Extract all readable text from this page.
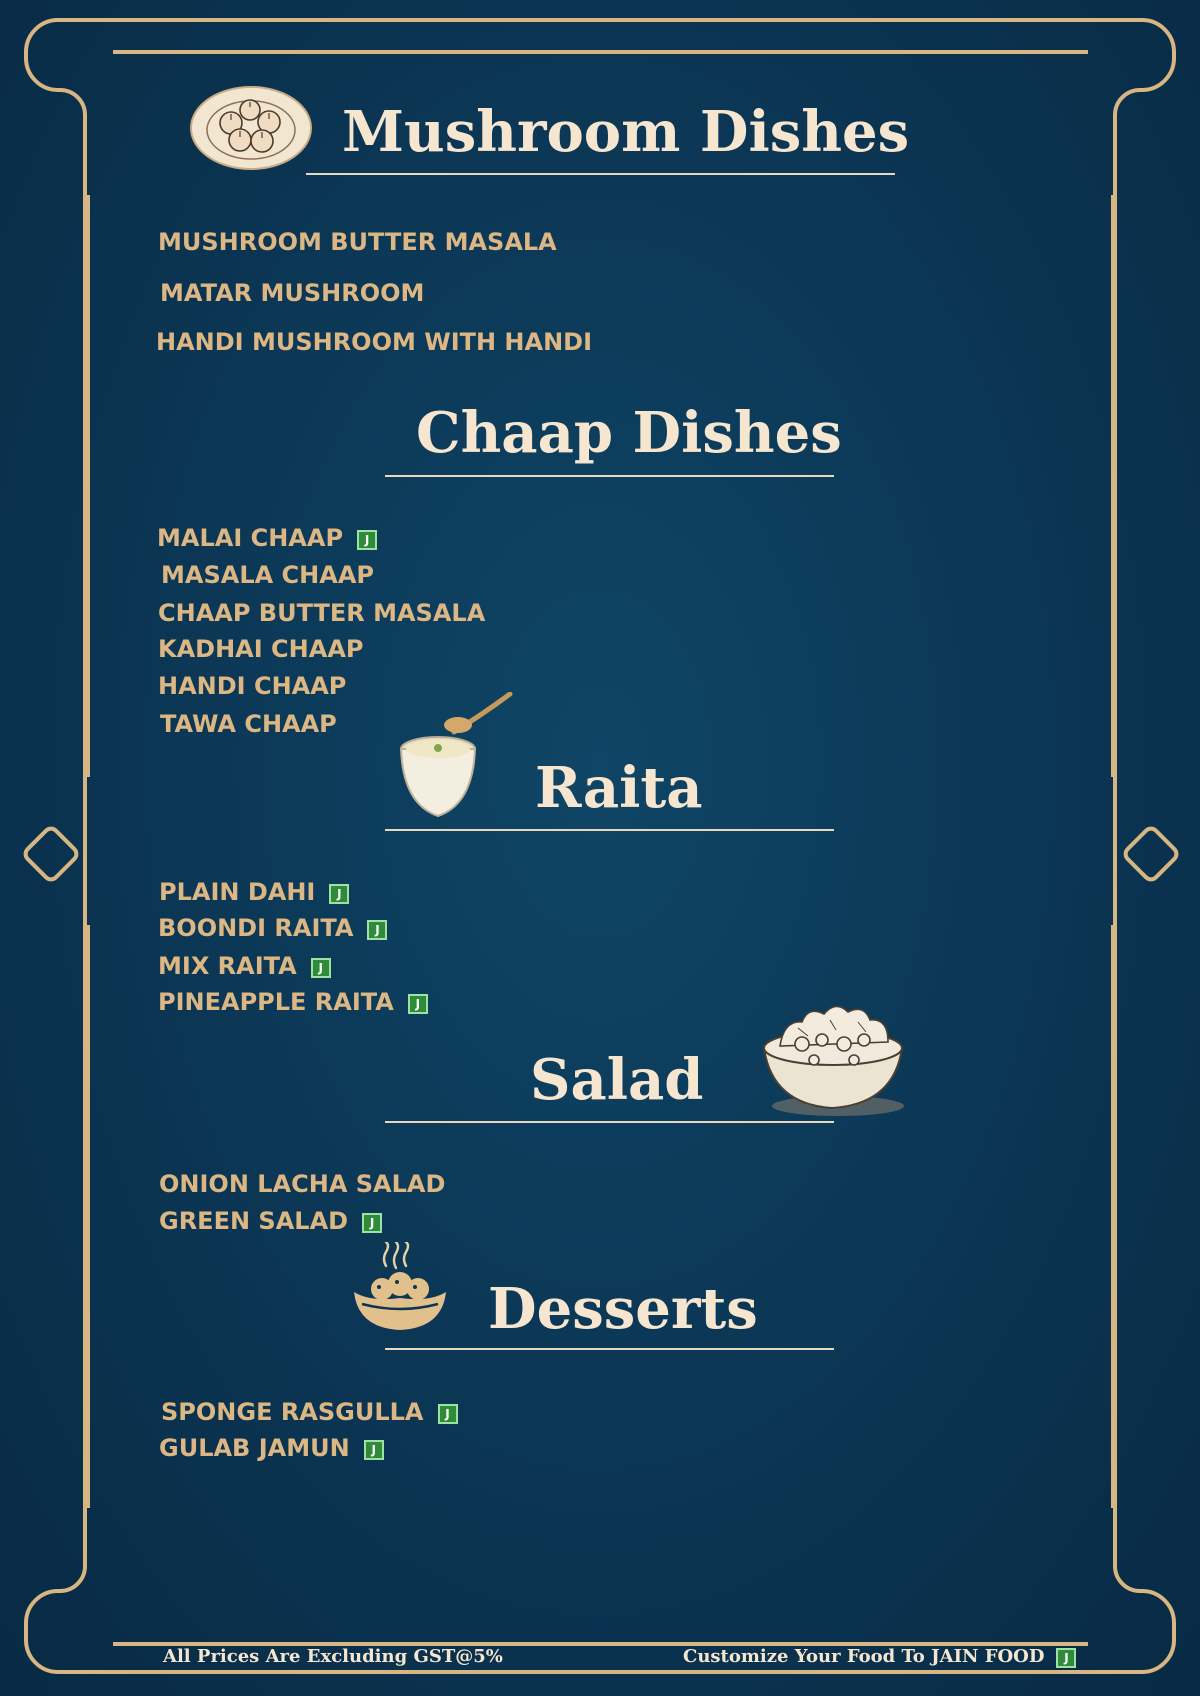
Mushroom Dishes
MUSHROOM BUTTER MASALA
MATAR MUSHROOM
HANDI MUSHROOM WITH HANDI
Chaap Dishes
MALAI CHAAP J
MASALA CHAAP
CHAAP BUTTER MASALA
KADHAI CHAAP
HANDI CHAAP
TAWA CHAAP
Raita
PLAIN DAHI J
BOONDI RAITA J
MIX RAITA J
PINEAPPLE RAITA J
Salad
ONION LACHA SALAD
GREEN SALAD J
Desserts
SPONGE RASGULLA J
GULAB JAMUN J
All Prices Are Excluding GST@5%	Customize Your Food To JAIN FOOD J
